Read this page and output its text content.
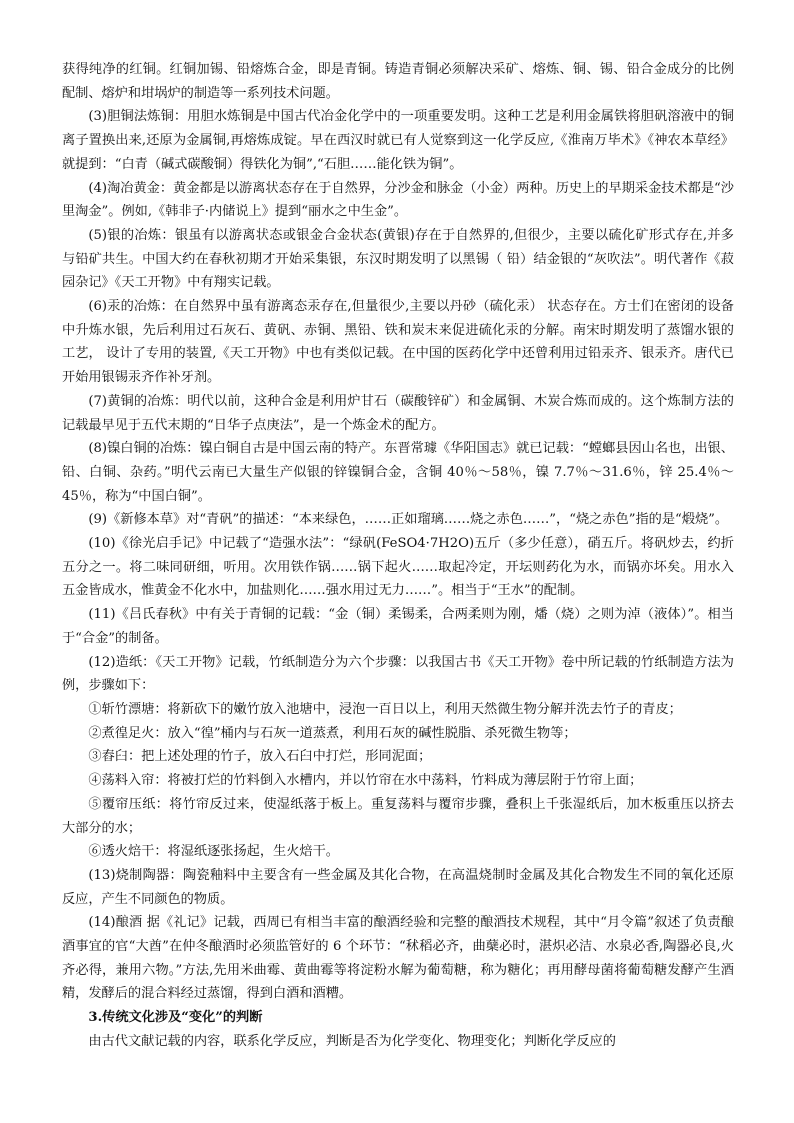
获得纯净的红铜。红铜加锡、铅熔炼合金，即是青铜。铸造青铜必须解决采矿、熔炼、铜、锡、铅合金成分的比例配制、熔炉和坩埚炉的制造等一系列技术问题。

(3)胆铜法炼铜：用胆水炼铜是中国古代冶金化学中的一项重要发明。这种工艺是利用金属铁将胆矾溶液中的铜离子置换出来,还原为金属铜,再熔炼成锭。早在西汉时就已有人觉察到这一化学反应,《淮南万毕术》《神农本草经》就提到：“白青（碱式碳酸铜）得铁化为铜”,“石胆……能化铁为铜”。

(4)淘冶黄金：黄金都是以游离状态存在于自然界，分沙金和脉金（小金）两种。历史上的早期采金技术都是“沙里淘金”。例如,《韩非子·内储说上》提到“丽水之中生金”。

(5)银的冶炼：银虽有以游离状态或银金合金状态(黄银)存在于自然界的,但很少，主要以硫化矿形式存在,并多　　与铅矿共生。中国大约在春秋初期才开始采集银，东汉时期发明了以黑锡（ 铅）结金银的“灰吹法”。明代著作《菽园杂记》《天工开物》中有翔实记载。

(6)汞的冶炼：在自然界中虽有游离态汞存在,但量很少,主要以丹砂（硫化汞） 状态存在。方士们在密闭的设备中升炼水银，先后利用过石灰石、黄矾、赤铜、黑铅、铁和炭末来促进硫化汞的分解。南宋时期发明了蒸馏水银的工艺， 设计了专用的装置,《天工开物》中也有类似记载。在中国的医药化学中还曾利用过铅汞齐、银汞齐。唐代已开始用银锡汞齐作补牙剂。

(7)黄铜的冶炼：明代以前，这种合金是利用炉甘石（碳酸锌矿）和金属铜、木炭合炼而成的。这个炼制方法的记载最早见于五代末期的“日华子点庚法”，是一个炼金术的配方。

(8)镍白铜的冶炼：镍白铜自古是中国云南的特产。东晋常璩《华阳国志》就已记载：“螳螂县因山名也，出银、铅、白铜、杂药。”明代云南已大量生产似银的锌镍铜合金，含铜 40％～58％，镍 7.7％～31.6％，锌 25.4％～45％，称为“中国白铜”。

(9)《新修本草》对“青矾”的描述：“本来绿色，……正如瑠璃……烧之赤色……”，“烧之赤色”指的是“煅烧”。

(10)《徐光启手记》中记载了“造强水法”：“绿矾(FeSO4·7H2O)五斤（多少任意），硝五斤。将矾炒去，约折五分之一。将二味同研细，听用。次用铁作锅……锅下起火……取起冷定，开坛则药化为水，而锅亦坏矣。用水入五金皆成水，惟黄金不化水中，加盐则化……强水用过无力……”。相当于“王水”的配制。

(11)《吕氏春秋》中有关于青铜的记载：“金（铜）柔锡柔，合两柔则为刚，燔（烧）之则为淖（液体）”。相当于“合金”的制备。

(12)造纸：《天工开物》记载，竹纸制造分为六个步骤：以我国古书《天工开物》卷中所记载的竹纸制造方法为例，步骤如下：

①斩竹漂塘：将新砍下的嫩竹放入池塘中，浸泡一百日以上，利用天然微生物分解并洗去竹子的青皮；

②煮徨足火：放入“徨”桶内与石灰一道蒸煮，利用石灰的碱性脱脂、杀死微生物等；

③舂臼：把上述处理的竹子，放入石臼中打烂，形同泥面；

④荡料入帘：将被打烂的竹料倒入水槽内，并以竹帘在水中荡料，竹料成为薄层附于竹帘上面；

⑤覆帘压纸：将竹帘反过来，使湿纸落于板上。重复荡料与覆帘步骤，叠积上千张湿纸后，加木板重压以挤去大部分的水；

⑥透火焙干：将湿纸逐张扬起，生火焙干。

(13)烧制陶器：陶瓷釉料中主要含有一些金属及其化合物，在高温烧制时金属及其化合物发生不同的氧化还原反应，产生不同颜色的物质。

(14)酿酒 据《礼记》记载，西周已有相当丰富的酿酒经验和完整的酿酒技术规程，其中“月令篇”叙述了负责酿酒事宜的官“大酋”在仲冬酿酒时必须监管好的 6 个环节：“秫稻必齐，曲蘖必时，湛炽必洁、水泉必香,陶器必良,火齐必得，兼用六物。”方法,先用米曲霉、黄曲霉等将淀粉水解为葡萄糖，称为糖化；再用酵母菌将葡萄糖发酵产生酒精，发酵后的混合料经过蒸馏，得到白酒和酒糟。

3.传统文化涉及“变化”的判断

由古代文献记载的内容，联系化学反应，判断是否为化学变化、物理变化；判断化学反应的
